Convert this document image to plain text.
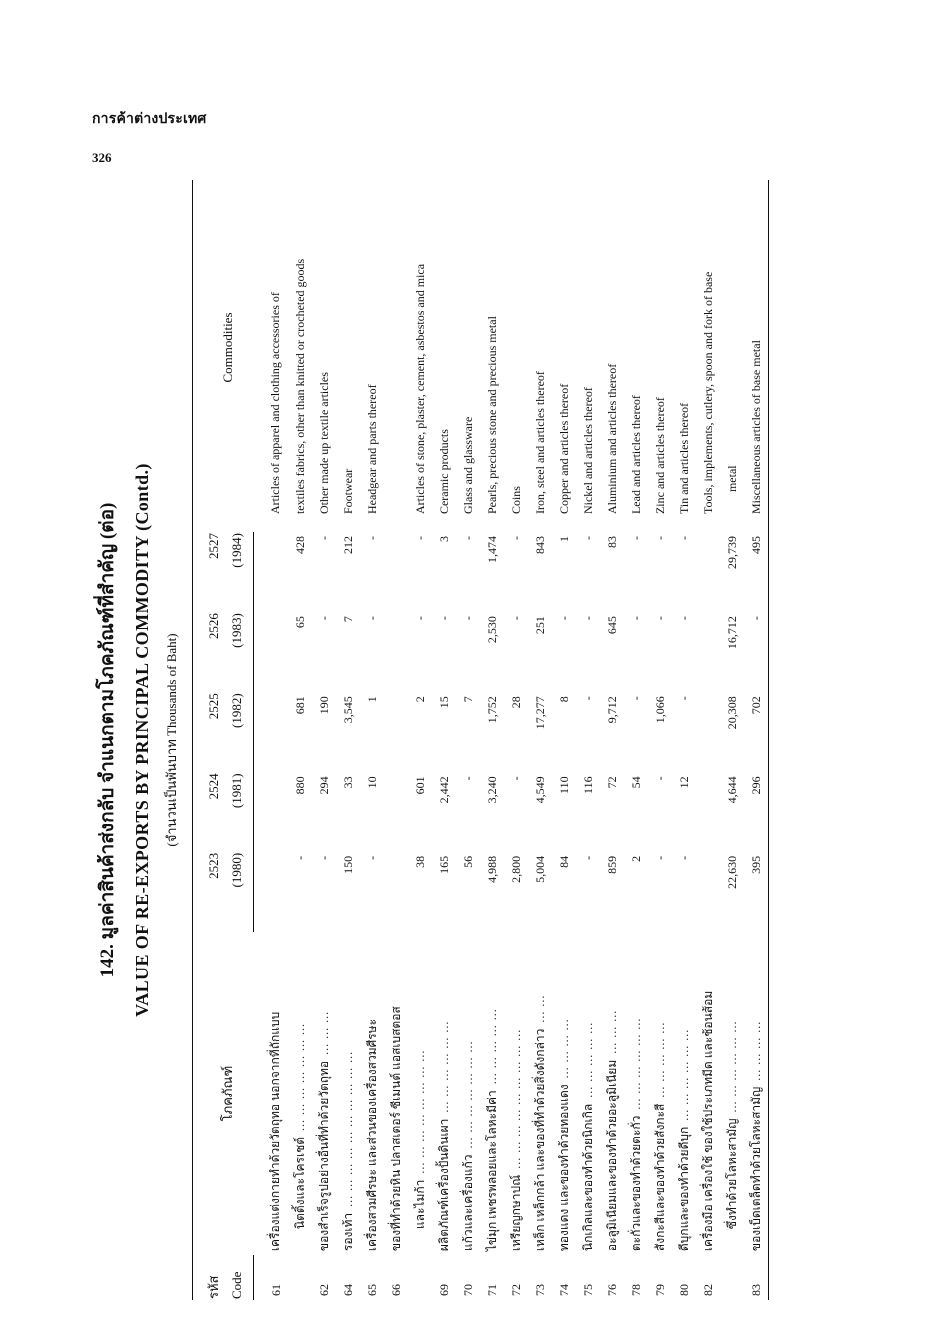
การค้าต่างประเทศ
326
142. มูลค่าสินค้าส่งกลับ จำแนกตามโภคภัณฑ์ที่สำคัญ (ต่อ) VALUE OF RE-EXPORTS BY PRINCIPAL COMMODITY (Contd.) (จำนวนเป็นพันบาท Thousands of Baht)
รหัส	โภคภัณฑ์	2523	2524	2525	2526	2527	Commodities
Code		(1980)	(1981)	(1982)	(1983)	(1984)	
61	เครื่องแต่งกายทำด้วยวัตถุทอ นอกจากที่ถักแบบ						Articles of apparel and clothing accessories of
	นิตติ้งและโครเชต์... ... ... ... ... ... ...	-	880	681	65	428	textiles fabrics, other than knitted or crocheted goods
62	ของสำเร็จรูปอย่างอื่นที่ทำด้วยวัตถุทอ... ... ...	-	294	190	-	-	Other made up textile articles
64	รองเท้า... ... ... ... ... ... ... ... ... ...	150	33	3,545	7	212	Footwear
65	เครื่องสวมศีรษะ และส่วนของเครื่องสวมศีรษะ	-	10	1	-	-	Headgear and parts thereof
66	ของที่ทำด้วยหิน ปลาสเตอร์ ซีเมนต์ แอสเบสตอส						
	และไมก้า... ... ... ... ... ... ... ...	38	601	2	-	-	Articles of stone, plaster, cement, asbestos and mica
69	ผลิตภัณฑ์เครื่องปั้นดินเผา... ... ... ... ... ...	165	2,442	15	-	3	Ceramic products
70	แก้วและเครื่องแก้ว... ... ... ... ... ... ...	56	-	7	-	-	Glass and glassware
71	ไข่มุก เพชรพลอยและโลหะมีค่า... ... ... ... ...	4,988	3,240	1,752	2,530	1,474	Pearls, precious stone and precious metal
72	เหรียญกษาปณ์... ... ... ... ... ... ... ... ...	2,800	-	28	-	-	Coins
73	เหล็ก เหล็กกล้า และของที่ทำด้วยสิ่งดังกล่าว... ...	5,004	4,549	17,277	251	843	Iron, steel and articles thereof
74	ทองแดง และของทำด้วยทองแดง... ... ... ...	84	110	8	-	1	Copper and articles thereof
75	นิกเกิลและของทำด้วยนิกเกิล... ... ... ... ...	-	116	-	-	-	Nickel and articles thereof
76	อะลูมิเนียมและของทำด้วยอะลูมิเนียม... ... ...	859	72	9,712	645	83	Aluminium and articles thereof
78	ตะกั่วและของทำด้วยตะกั่ว... ... ... ... ... ...	2	54	-	-	-	Lead and articles thereof
79	สังกะสีและของทำด้วยสังกะสี... ... ... ... ...	-	-	1,066	-	-	Zinc and articles thereof
80	ดีบุกและของทำด้วยดีบุก... ... ... ... ... ...	-	12	-	-	-	Tin and articles thereof
82	เครื่องมือ เครื่องใช้ ของใช้ประเภทมีด และช้อนส้อม						Tools, implements, cutlery, spoon and fork of base
	ซึ่งทำด้วยโลหะสามัญ... ... ... ... ... ...	22,630	4,644	20,308	16,712	29,739	metal
83	ของเบ็ดเตล็ดทำด้วยโลหะสามัญ... ... ... ...	395	296	702	-	495	Miscellaneous articles of base metal
